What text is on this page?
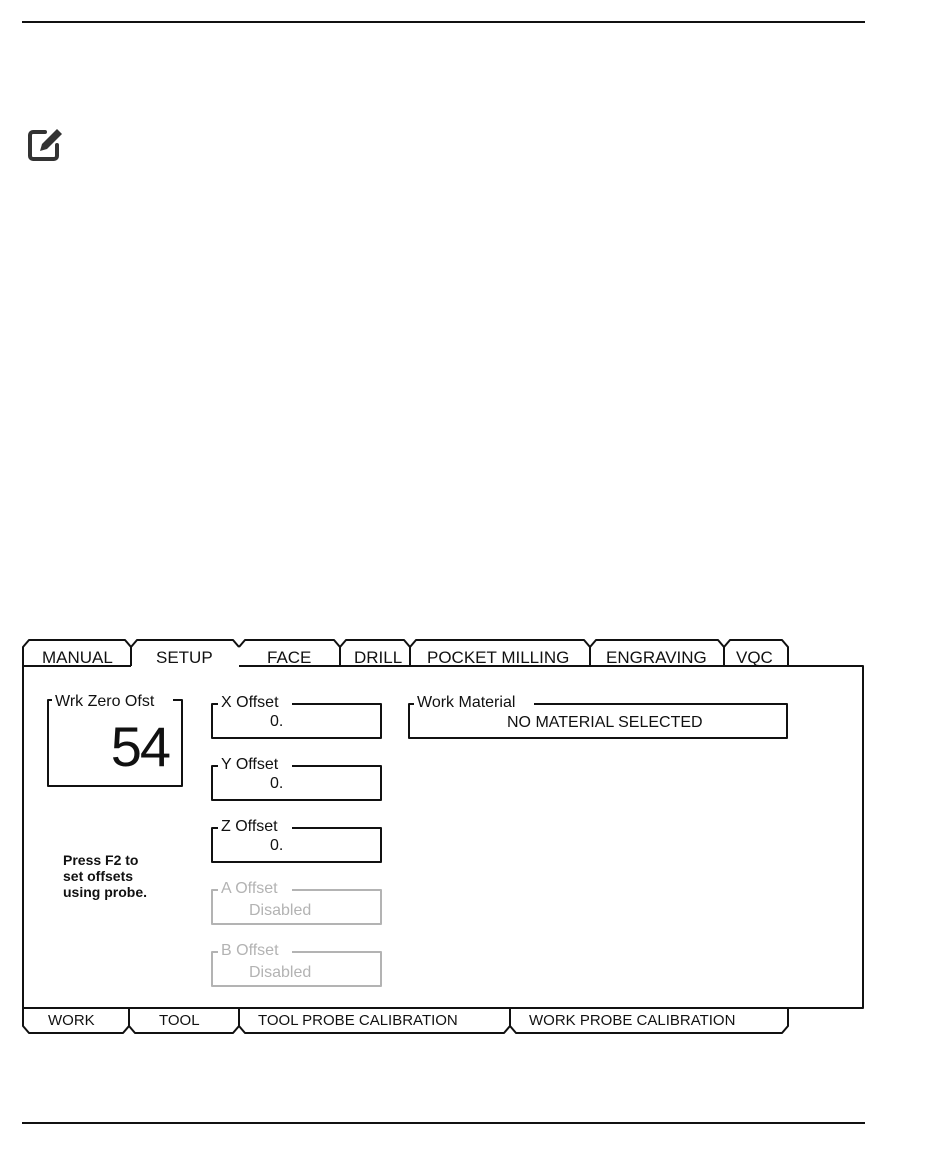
MANUAL	SETUP	FACE	DRILL POCKET MILLING ENGRAVING VQC
Wrk Zero Ofst
54
X Offset
0.
Y Offset
0.
Z Offset
0.
A Offset
Disabled
B Offset
Disabled
Work Material
NO MATERIAL SELECTED
Press F2 to
set offsets
using probe.
WORK	TOOL	TOOL PROBE CALIBRATION	WORK PROBE CALIBRATION
